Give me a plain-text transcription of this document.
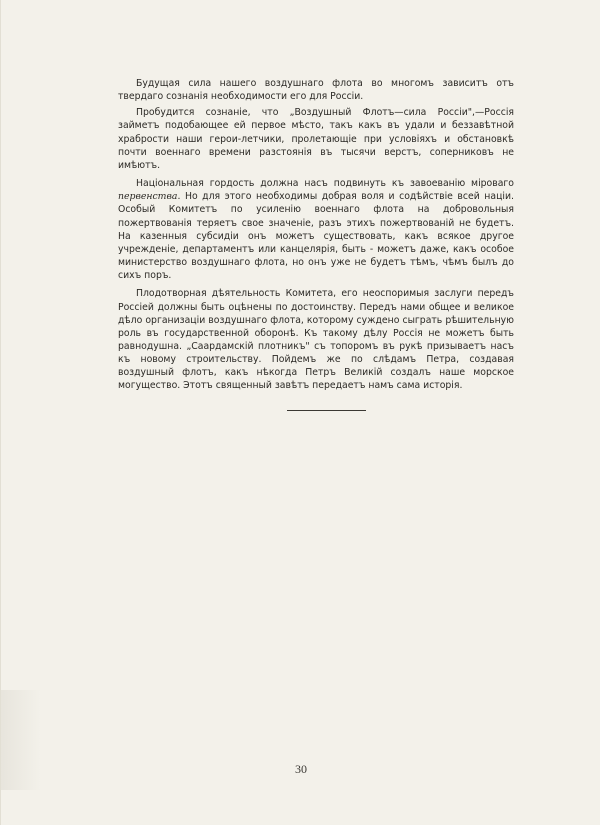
Будущая сила нашего воздушнаго флота во многомъ зависитъ отъ твердаго сознанія необходимости его для Россіи.

Пробудится сознаніе, что „Воздушный Флотъ—сила Россіи",—Россія займетъ подобающее ей первое мѣсто, такъ какъ въ удали и беззавѣтной храбрости наши герои-летчики, пролетающіе при условіяхъ и обстановкѣ почти военнаго времени разстоянія въ тысячи верстъ, соперниковъ не имѣютъ.

Національная гордость должна насъ подвинуть къ завоеванію міроваго первенства. Но для этого необходимы добрая воля и содѣйствіе всей націи. Особый Комитетъ по усиленію военнаго флота на добровольныя пожертвованія теряетъ свое значеніе, разъ этихъ пожертвованій не будетъ. На казенныя субсидіи онъ можетъ существовать, какъ всякое другое учрежденіе, департаментъ или канцелярія, быть - можетъ даже, какъ особое министерство воздушнаго флота, но онъ уже не будетъ тѣмъ, чѣмъ былъ до сихъ поръ.

Плодотворная дѣятельность Комитета, его неоспоримыя заслуги передъ Россіей должны быть оцѣнены по достоинству. Передъ нами общее и великое дѣло организаціи воздушнаго флота, которому суждено сыграть рѣшительную роль въ государственной оборонѣ. Къ такому дѣлу Россія не можетъ быть равнодушна. „Саардамскій плотникъ" съ топоромъ въ рукѣ призываетъ насъ къ новому строительству. Пойдемъ же по слѣдамъ Петра, создавая воздушный флотъ, какъ нѣкогда Петръ Великій создалъ наше морское могущество. Этотъ священный завѣтъ передаетъ намъ сама исторія.

30
